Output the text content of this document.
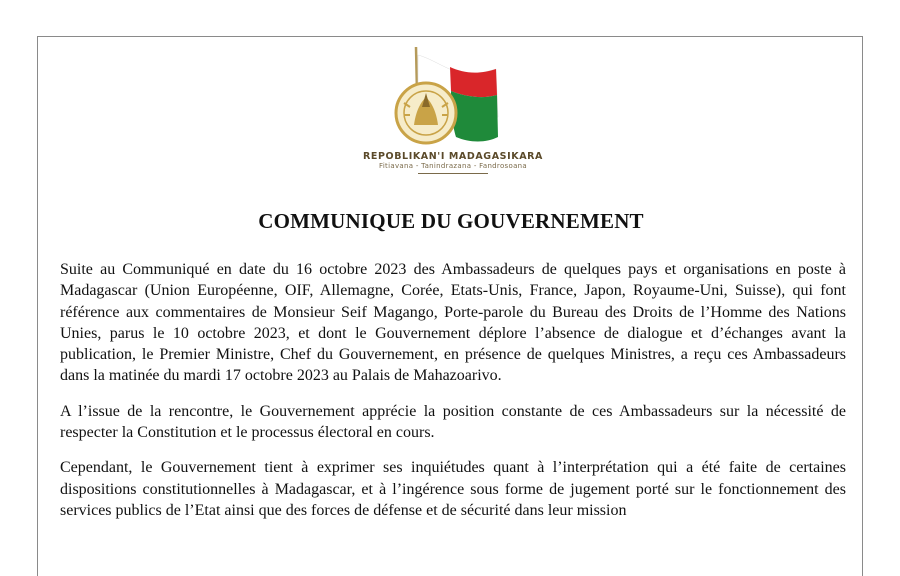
REPOBLIKAN'I MADAGASIKARA
Fitiavana - Tanindrazana - Fandrosoana
COMMUNIQUE DU GOUVERNEMENT

Suite au Communiqué en date du 16 octobre 2023 des Ambassadeurs de quelques pays et organisations en poste à Madagascar (Union Européenne, OIF, Allemagne, Corée, Etats-Unis, France, Japon, Royaume-Uni, Suisse), qui font référence aux commentaires de Monsieur Seif Magango, Porte-parole du Bureau des Droits de l’Homme des Nations Unies, parus le 10 octobre 2023, et dont le Gouvernement déplore l’absence de dialogue et d’échanges avant la publication, le Premier Ministre, Chef du Gouvernement, en présence de quelques Ministres, a reçu ces Ambassadeurs dans la matinée du mardi 17 octobre 2023 au Palais de Mahazoarivo.

A l’issue de la rencontre, le Gouvernement apprécie la position constante de ces Ambassadeurs sur la nécessité de respecter la Constitution et le processus électoral en cours.

Cependant, le Gouvernement tient à exprimer ses inquiétudes quant à l’interprétation qui a été faite de certaines dispositions constitutionnelles à Madagascar, et à l’ingérence sous forme de jugement porté sur le fonctionnement des services publics de l’Etat ainsi que des forces de défense et de sécurité dans leur mission
